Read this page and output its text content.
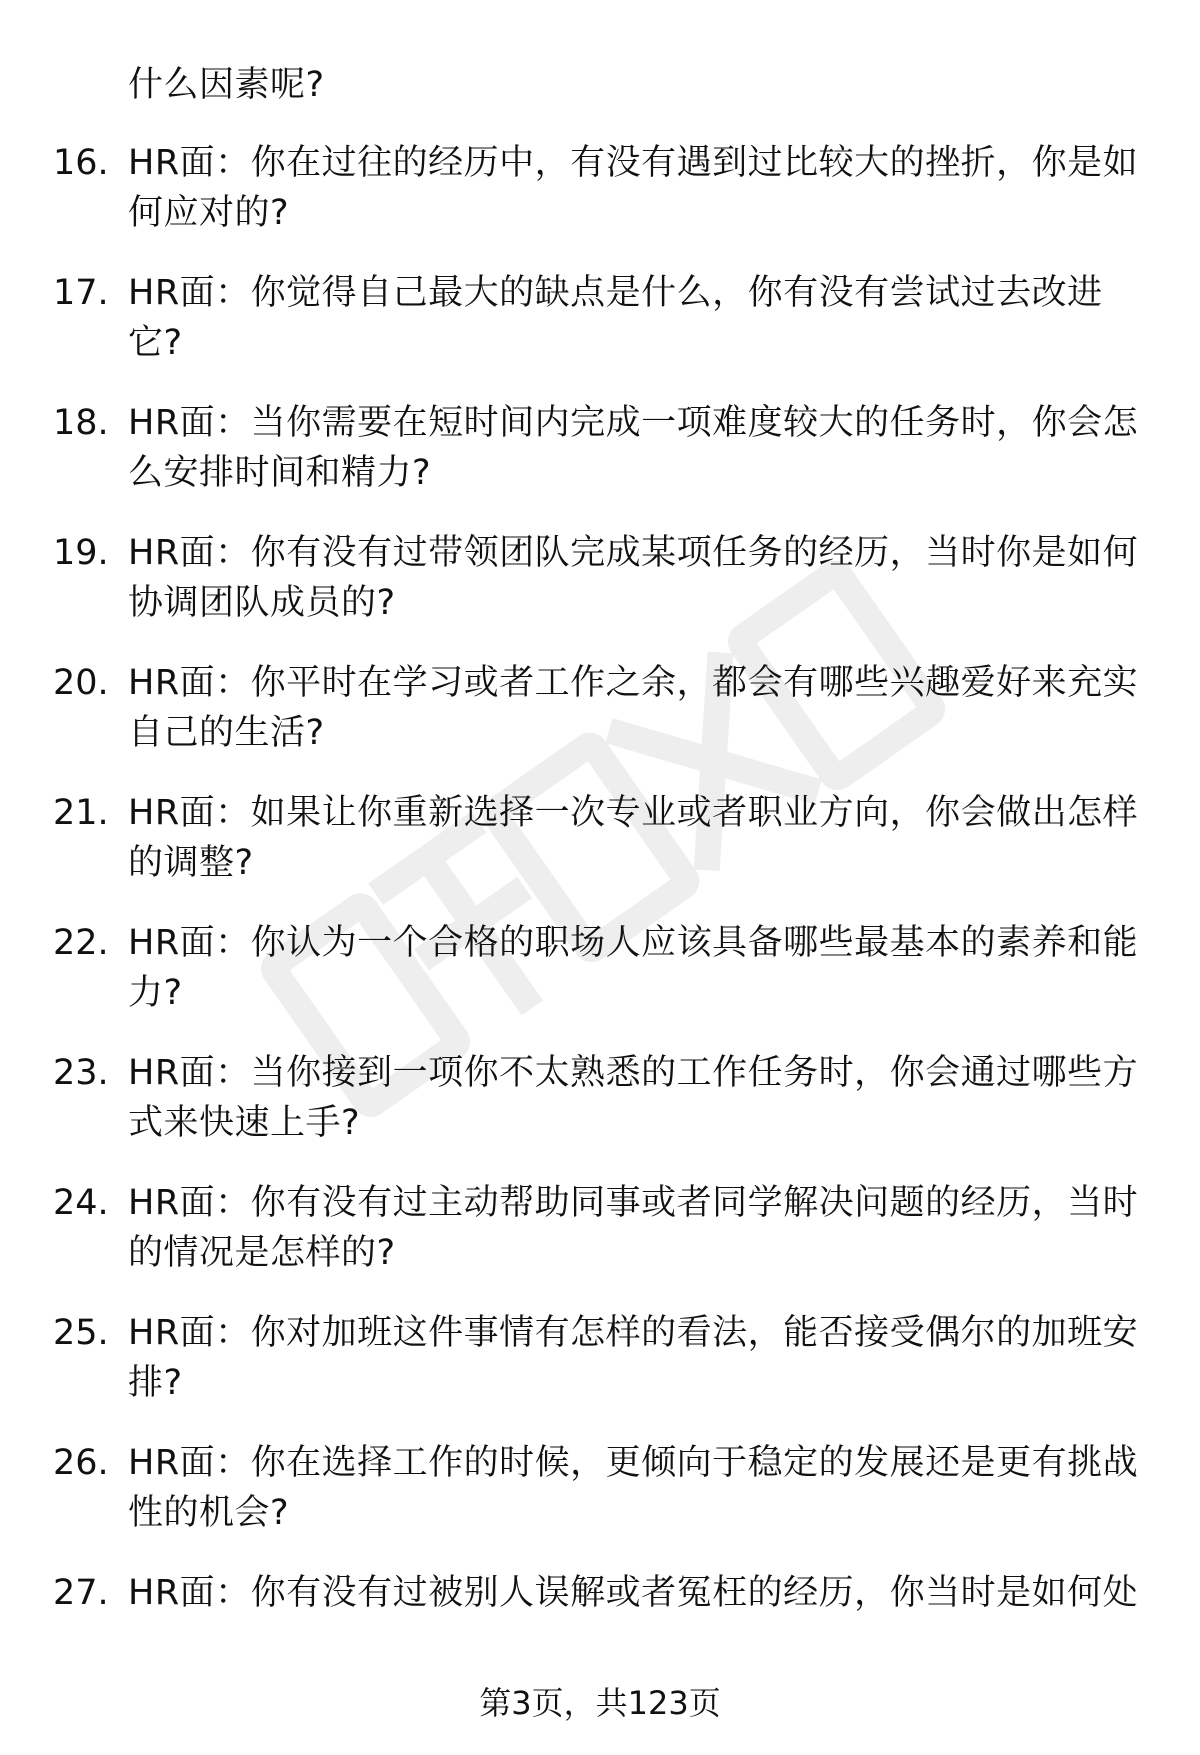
什么因素呢?
16. HR面：你在过往的经历中，有没有遇到过比较大的挫折，你是如
何应对的?
17. HR面：你觉得自己最大的缺点是什么，你有没有尝试过去改进
它?
18. HR面：当你需要在短时间内完成一项难度较大的任务时，你会怎
么安排时间和精力?
19. HR面：你有没有过带领团队完成某项任务的经历，当时你是如何
协调团队成员的?
20. HR面：你平时在学习或者工作之余，都会有哪些兴趣爱好来充实
自己的生活?
21. HR面：如果让你重新选择一次专业或者职业方向，你会做出怎样
的调整?
22. HR面：你认为一个合格的职场人应该具备哪些最基本的素养和能
力?
23. HR面：当你接到一项你不太熟悉的工作任务时，你会通过哪些方
式来快速上手?
24. HR面：你有没有过主动帮助同事或者同学解决问题的经历，当时
的情况是怎样的?
25. HR面：你对加班这件事情有怎样的看法，能否接受偶尔的加班安
排?
26. HR面：你在选择工作的时候，更倾向于稳定的发展还是更有挑战
性的机会?
27. HR面：你有没有过被别人误解或者冤枉的经历，你当时是如何处
第3页，共123页
